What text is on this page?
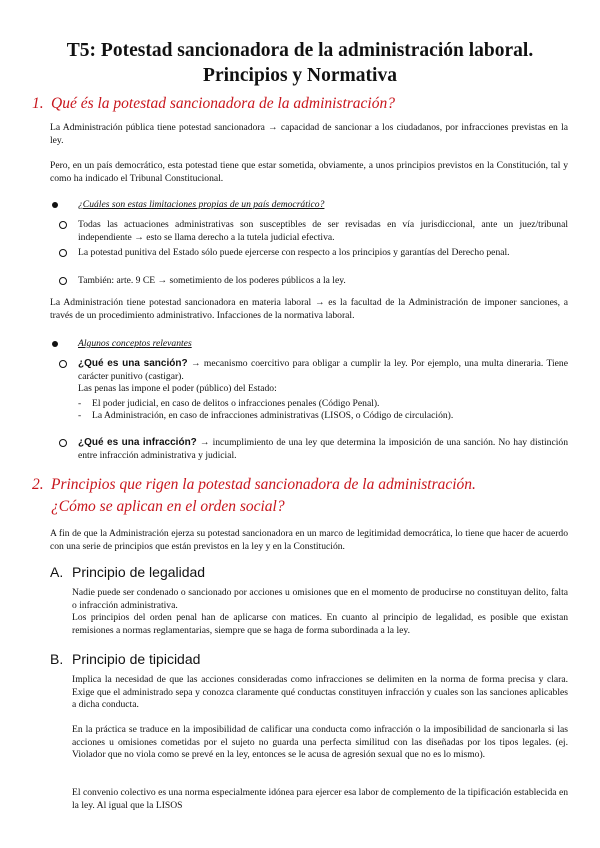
T5: Potestad sancionadora de la administración laboral.
Principios y Normativa
1. Qué és la potestad sancionadora de la administración?

La Administración pública tiene potestad sancionadora → capacidad de sancionar a los ciudadanos, por infracciones previstas en la ley.

Pero, en un país democrático, esta potestad tiene que estar sometida, obviamente, a unos principios previstos en la Constitución, tal y como ha indicado el Tribunal Constitucional.

¿Cuáles son estas limitaciones propias de un país democrático?

Todas las actuaciones administrativas son susceptibles de ser revisadas en vía jurisdiccional, ante un juez/tribunal independiente → esto se llama derecho a la tutela judicial efectiva.

La potestad punitiva del Estado sólo puede ejercerse con respecto a los principios y garantías del Derecho penal.

También: arte. 9 CE → sometimiento de los poderes públicos a la ley.

La Administración tiene potestad sancionadora en materia laboral → es la facultad de la Administración de imponer sanciones, a través de un procedimiento administrativo. Infacciones de la normativa laboral.

Algunos conceptos relevantes

¿Qué es una sanción? → mecanismo coercitivo para obligar a cumplir la ley. Por ejemplo, una multa dineraria. Tiene carácter punitivo (castigar).
Las penas las impone el poder (público) del Estado:

- El poder judicial, en caso de delitos o infracciones penales (Código Penal).

- La Administración, en caso de infracciones administrativas (LISOS, o Código de circulación).

¿Qué es una infracción? → incumplimiento de una ley que determina la imposición de una sanción. No hay distinción entre infracción administrativa y judicial.

2. Principios que rigen la potestad sancionadora de la administración.
¿Cómo se aplican en el orden social?

A fin de que la Administración ejerza su potestad sancionadora en un marco de legitimidad democrática, lo tiene que hacer de acuerdo con una serie de principios que están previstos en la ley y en la Constitución.

A. Principio de legalidad

Nadie puede ser condenado o sancionado por acciones u omisiones que en el momento de producirse no constituyan delito, falta o infracción administrativa.

Los principios del orden penal han de aplicarse con matices. En cuanto al principio de legalidad, es posible que existan remisiones a normas reglamentarias, siempre que se haga de forma subordinada a la ley.

B. Principio de tipicidad

Implica la necesidad de que las acciones consideradas como infracciones se delimiten en la norma de forma precisa y clara. Exige que el administrado sepa y conozca claramente qué conductas constituyen infracción y cuales son las sanciones aplicables a dicha conducta.

En la práctica se traduce en la imposibilidad de calificar una conducta como infracción o la imposibilidad de sancionarla si las acciones u omisiones cometidas por el sujeto no guarda una perfecta similitud con las diseñadas por los tipos legales. (ej. Violador que no viola como se prevé en la ley, entonces se le acusa de agresión sexual que no es lo mismo).

El convenio colectivo es una norma especialmente idónea para ejercer esa labor de complemento de la tipificación establecida en la ley. Al igual que la LISOS
